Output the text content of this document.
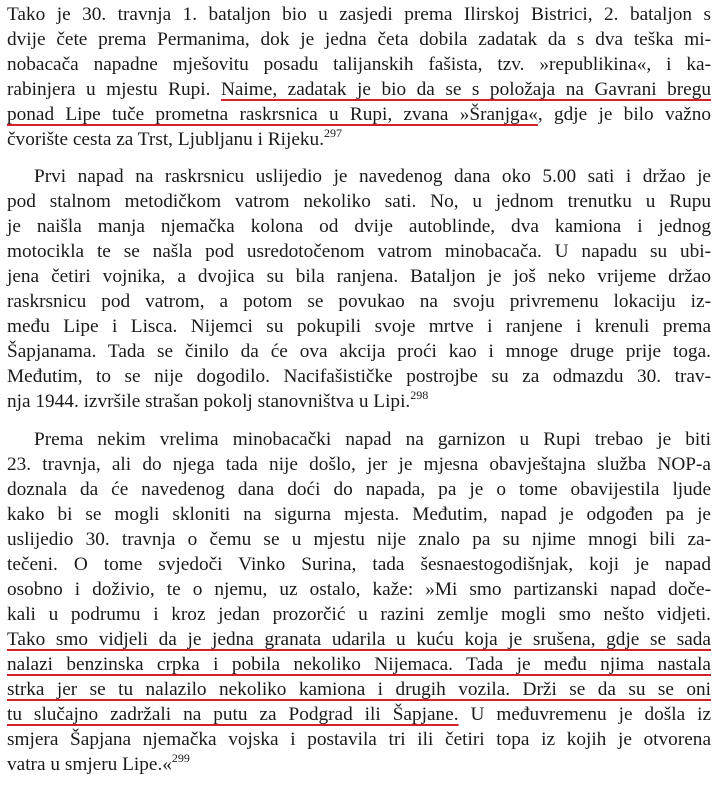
Tako je 30. travnja 1. bataljon bio u zasjedi prema Ilirskoj Bistrici, 2. bataljon s
dvije čete prema Permanima, dok je jedna četa dobila zadatak da s dva teška mi-
nobacača napadne mješovitu posadu talijanskih fašista, tzv. »republikina«, i ka-
rabinjera u mjestu Rupi. Naime, zadatak je bio da se s položaja na Gavrani bregu
ponad Lipe tuče prometna raskrsnica u Rupi, zvana »Šranjga«, gdje je bilo važno
čvorište cesta za Trst, Ljubljanu i Rijeku.$^{297}$
Prvi napad na raskrsnicu uslijedio je navedenog dana oko 5.00 sati i držao je
pod stalnom metodičkom vatrom nekoliko sati. No, u jednom trenutku u Rupu
je naišla manja njemačka kolona od dvije autoblinde, dva kamiona i jednog
motocikla te se našla pod usredotočenom vatrom minobacača. U napadu su ubi-
jena četiri vojnika, a dvojica su bila ranjena. Bataljon je još neko vrijeme držao
raskrsnicu pod vatrom, a potom se povukao na svoju privremenu lokaciju iz-
među Lipe i Lisca. Nijemci su pokupili svoje mrtve i ranjene i krenuli prema
Šapjanama. Tada se činilo da će ova akcija proći kao i mnoge druge prije toga.
Međutim, to se nije dogodilo. Nacifašističke postrojbe su za odmazdu 30. trav-
nja 1944. izvršile strašan pokolj stanovništva u Lipi.$^{298}$
Prema nekim vrelima minobacački napad na garnizon u Rupi trebao je biti
23. travnja, ali do njega tada nije došlo, jer je mjesna obavještajna služba NOP-a
doznala da će navedenog dana doći do napada, pa je o tome obavijestila ljude
kako bi se mogli skloniti na sigurna mjesta. Međutim, napad je odgođen pa je
uslijedio 30. travnja o čemu se u mjestu nije znalo pa su njime mnogi bili za-
tečeni. O tome svjedoči Vinko Surina, tada šesnaestogodišnjak, koji je napad
osobno i doživio, te o njemu, uz ostalo, kaže: »Mi smo partizanski napad doče-
kali u podrumu i kroz jedan prozorčić u razini zemlje mogli smo nešto vidjeti.
Tako smo vidjeli da je jedna granata udarila u kuću koja je srušena, gdje se sada
nalazi benzinska crpka i pobila nekoliko Nijemaca. Tada je među njima nastala
strka jer se tu nalazilo nekoliko kamiona i drugih vozila. Drži se da su se oni
tu slučajno zadržali na putu za Podgrad ili Šapjane. U međuvremenu je došla iz
smjera Šapjana njemačka vojska i postavila tri ili četiri topa iz kojih je otvorena
vatra u smjeru Lipe.«$^{299}$
